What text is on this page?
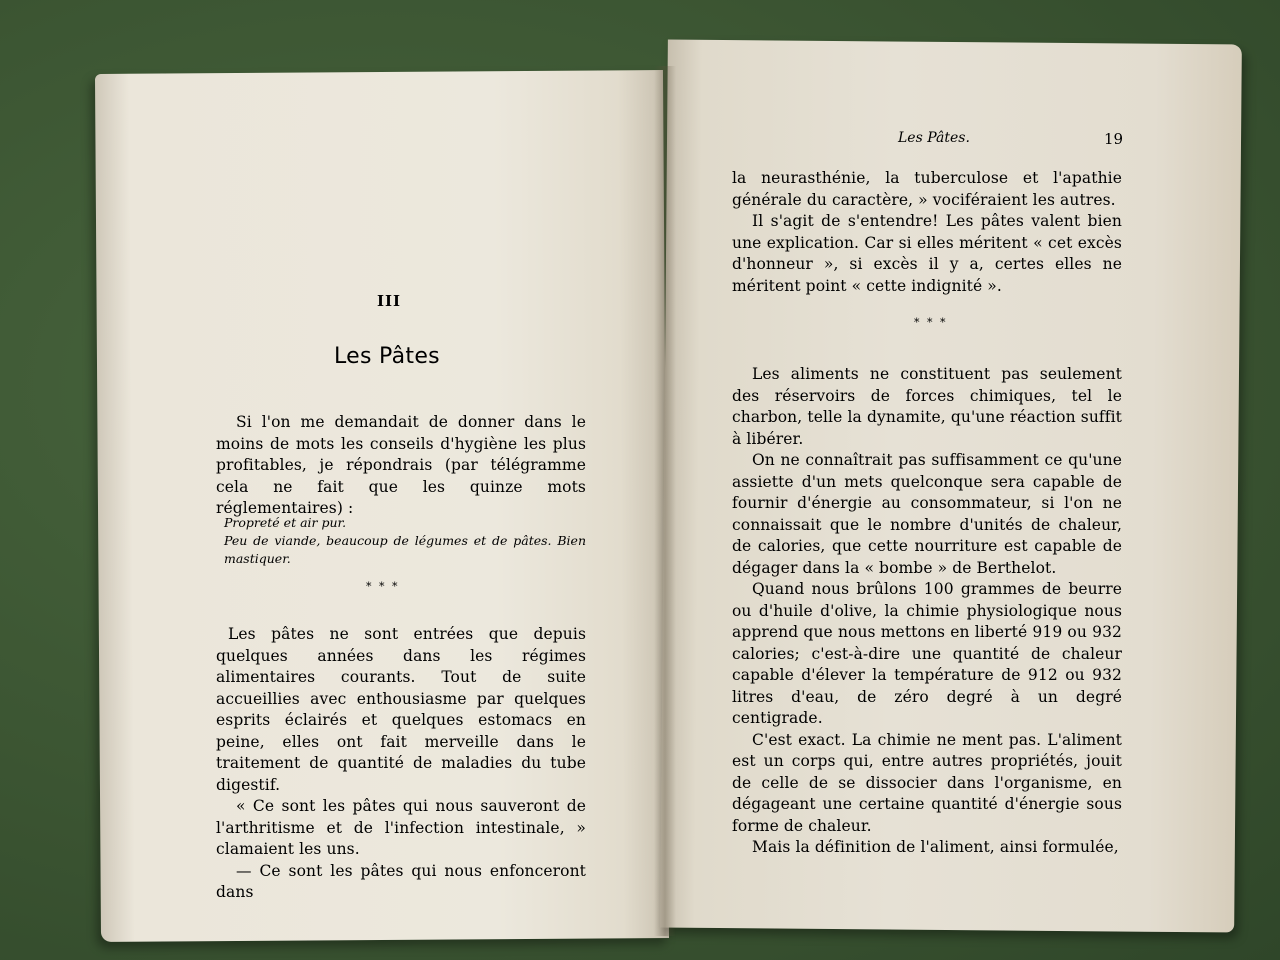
III
Les Pâtes

Si l'on me demandait de donner dans le moins de mots les conseils d'hygiène les plus profitables, je répondrais (par télégramme cela ne fait que les quinze mots réglementaires) :

Propreté et air pur.

Peu de viande, beaucoup de légumes et de pâtes. Bien mastiquer.

* * *

Les pâtes ne sont entrées que depuis quelques années dans les régimes alimentaires courants. Tout de suite accueillies avec enthousiasme par quelques esprits éclairés et quelques estomacs en peine, elles ont fait merveille dans le traitement de quantité de maladies du tube digestif.

« Ce sont les pâtes qui nous sauveront de l'arthritisme et de l'infection intestinale, » clamaient les uns.

— Ce sont les pâtes qui nous enfonceront dans

Les Pâtes.	19

la neurasthénie, la tuberculose et l'apathie générale du caractère, » vociféraient les autres.

Il s'agit de s'entendre! Les pâtes valent bien une explication. Car si elles méritent « cet excès d'honneur », si excès il y a, certes elles ne méritent point « cette indignité ».

* * *

Les aliments ne constituent pas seulement des réservoirs de forces chimiques, tel le charbon, telle la dynamite, qu'une réaction suffit à libérer.

On ne connaîtrait pas suffisamment ce qu'une assiette d'un mets quelconque sera capable de fournir d'énergie au consommateur, si l'on ne connaissait que le nombre d'unités de chaleur, de calories, que cette nourriture est capable de dégager dans la « bombe » de Berthelot.

Quand nous brûlons 100 grammes de beurre ou d'huile d'olive, la chimie physiologique nous apprend que nous mettons en liberté 919 ou 932 calories; c'est-à-dire une quantité de chaleur capable d'élever la température de 912 ou 932 litres d'eau, de zéro degré à un degré centigrade.

C'est exact. La chimie ne ment pas. L'aliment est un corps qui, entre autres propriétés, jouit de celle de se dissocier dans l'organisme, en dégageant une certaine quantité d'énergie sous forme de chaleur.

Mais la définition de l'aliment, ainsi formulée,
